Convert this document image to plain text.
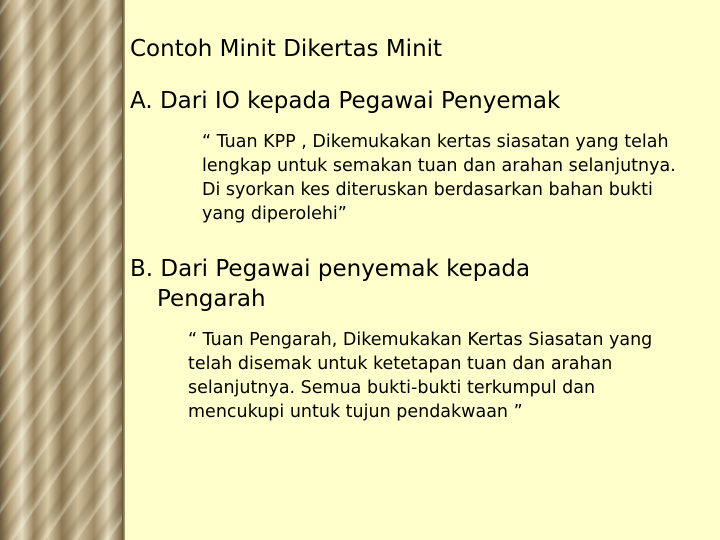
Contoh Minit Dikertas Minit
A. Dari IO kepada Pegawai Penyemak
“ Tuan KPP , Dikemukakan kertas siasatan yang telah lengkap untuk semakan tuan dan arahan selanjutnya. Di syorkan kes diteruskan berdasarkan bahan bukti yang diperolehi”
B. Dari Pegawai penyemak kepada
Pengarah
“ Tuan Pengarah, Dikemukakan Kertas Siasatan yang telah disemak untuk ketetapan tuan dan arahan selanjutnya. Semua bukti-bukti terkumpul dan mencukupi untuk tujun pendakwaan ”
